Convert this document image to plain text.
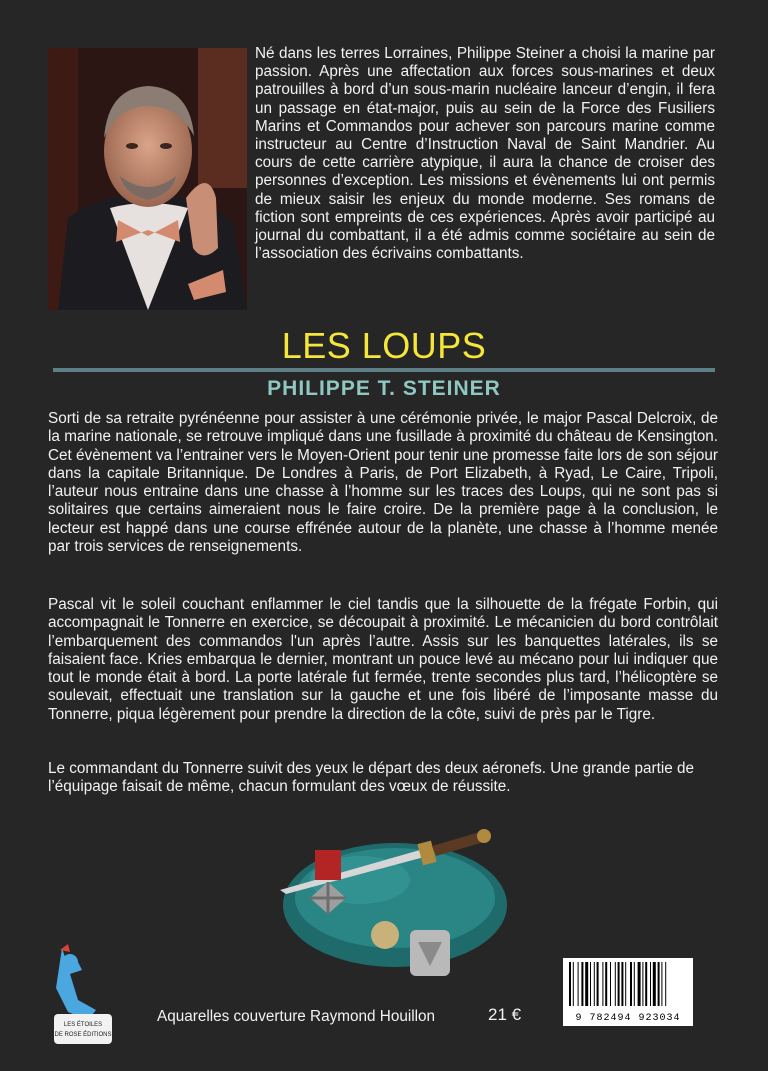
Né dans les terres Lorraines, Philippe Steiner a choisi la marine par passion. Après une affectation aux forces sous-marines et deux patrouilles à bord d’un sous-marin nucléaire lanceur d’engin, il fera un passage en état-major, puis au sein de la Force des Fusiliers Marins et Commandos pour achever son parcours marine comme instructeur au Centre d’Instruction Naval de Saint Mandrier. Au cours de cette carrière atypique, il aura la chance de croiser des personnes d’exception. Les missions et évènements lui ont permis de mieux saisir les enjeux du monde moderne. Ses romans de fiction sont empreints de ces expériences. Après avoir participé au journal du combattant, il a été admis comme sociétaire au sein de l’association des écrivains combattants.

LES LOUPS
PHILIPPE T. STEINER

Sorti de sa retraite pyrénéenne pour assister à une cérémonie privée, le major Pascal Delcroix, de la marine nationale, se retrouve impliqué dans une fusillade à proximité du château de Kensington. Cet évènement va l’entrainer vers le Moyen-Orient pour tenir une promesse faite lors de son séjour dans la capitale Britannique. De Londres à Paris, de Port Elizabeth, à Ryad, Le Caire, Tripoli, l’auteur nous entraine dans une chasse à l’homme sur les traces des Loups, qui ne sont pas si solitaires que certains aimeraient nous le faire croire. De la première page à la conclusion, le lecteur est happé dans une course effrénée autour de la planète, une chasse à l’homme menée par trois services de renseignements.

Pascal vit le soleil couchant enflammer le ciel tandis que la silhouette de la frégate Forbin, qui accompagnait le Tonnerre en exercice, se découpait à proximité. Le mécanicien du bord contrôlait l’embarquement des commandos l'un après l’autre. Assis sur les banquettes latérales, ils se faisaient face. Kries embarqua le dernier, montrant un pouce levé au mécano pour lui indiquer que tout le monde était à bord. La porte latérale fut fermée, trente secondes plus tard, l’hélicoptère se soulevait, effectuait une translation sur la gauche et une fois libéré de l’imposante masse du Tonnerre, piqua légèrement pour prendre la direction de la côte, suivi de près par le Tigre.

Le commandant du Tonnerre suivit des yeux le départ des deux aéronefs. Une grande partie de l’équipage faisait de même, chacun formulant des vœux de réussite.

LES ÉTOILES
DE ROSE ÉDITIONS

Aquarelles couverture Raymond Houillon	21 €	9 782494 923034
